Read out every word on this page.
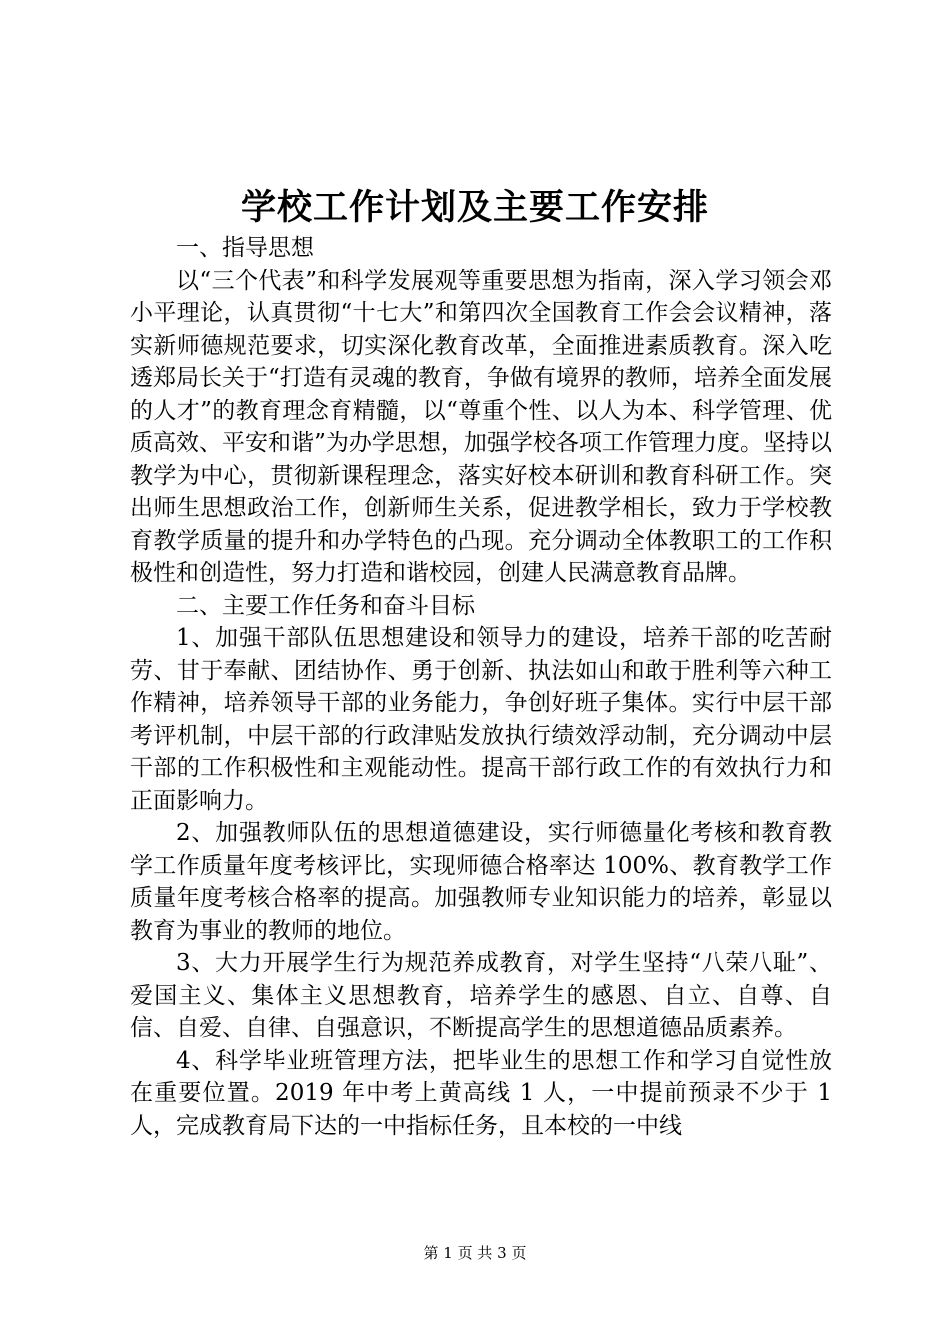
学校工作计划及主要工作安排

一、指导思想

以“三个代表”和科学发展观等重要思想为指南，深入学习领会邓小平理论，认真贯彻“十七大”和第四次全国教育工作会会议精神，落实新师德规范要求，切实深化教育改革，全面推进素质教育。深入吃透郑局长关于“打造有灵魂的教育，争做有境界的教师，培养全面发展的人才”的教育理念育精髓，以“尊重个性、以人为本、科学管理、优质高效、平安和谐”为办学思想，加强学校各项工作管理力度。坚持以教学为中心，贯彻新课程理念，落实好校本研训和教育科研工作。突出师生思想政治工作，创新师生关系，促进教学相长，致力于学校教育教学质量的提升和办学特色的凸现。充分调动全体教职工的工作积极性和创造性，努力打造和谐校园，创建人民满意教育品牌。

二、主要工作任务和奋斗目标

1、加强干部队伍思想建设和领导力的建设，培养干部的吃苦耐劳、甘于奉献、团结协作、勇于创新、执法如山和敢于胜利等六种工作精神，培养领导干部的业务能力，争创好班子集体。实行中层干部考评机制，中层干部的行政津贴发放执行绩效浮动制，充分调动中层干部的工作积极性和主观能动性。提高干部行政工作的有效执行力和正面影响力。

2、加强教师队伍的思想道德建设，实行师德量化考核和教育教学工作质量年度考核评比，实现师德合格率达 100%、教育教学工作质量年度考核合格率的提高。加强教师专业知识能力的培养，彰显以教育为事业的教师的地位。

3、大力开展学生行为规范养成教育，对学生坚持“八荣八耻”、爱国主义、集体主义思想教育，培养学生的感恩、自立、自尊、自信、自爱、自律、自强意识，不断提高学生的思想道德品质素养。

4、科学毕业班管理方法，把毕业生的思想工作和学习自觉性放在重要位置。2019 年中考上黄高线 1 人，一中提前预录不少于 1 人，完成教育局下达的一中指标任务，且本校的一中线

第 1 页 共 3 页
